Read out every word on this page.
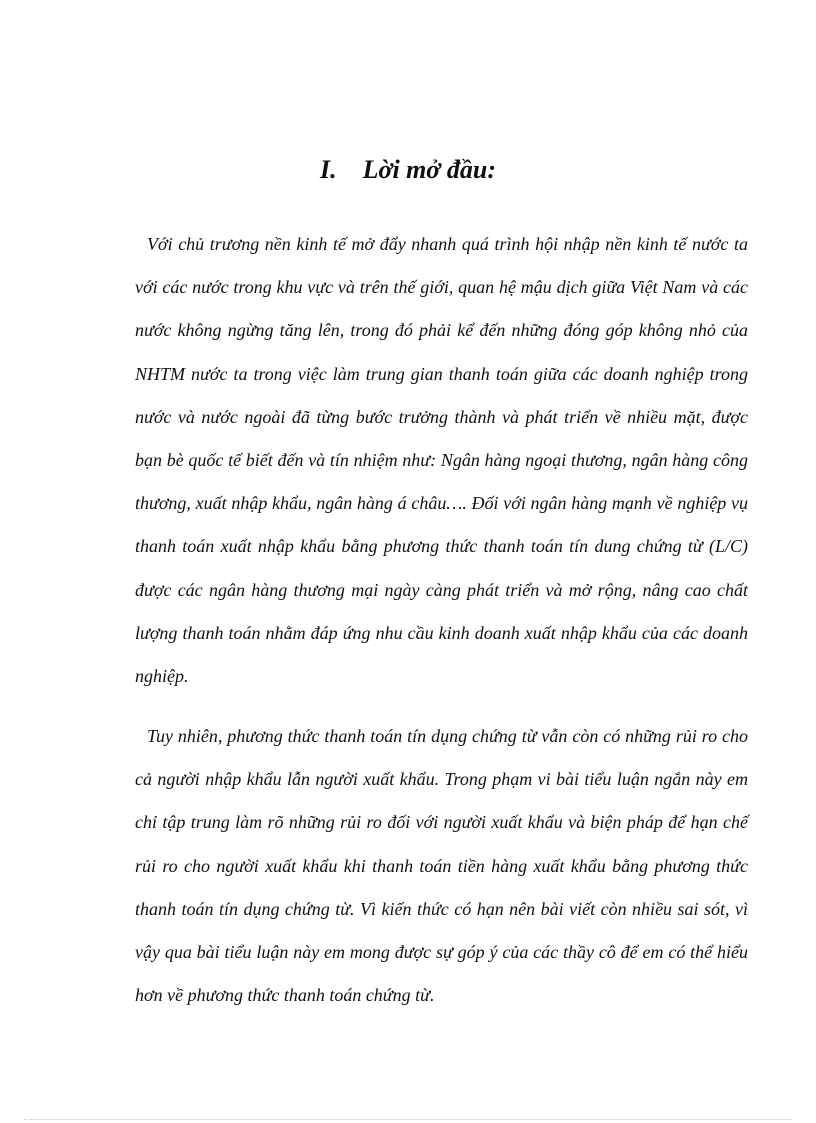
I. Lời mở đầu:

Với chủ trương nền kinh tế mở đẩy nhanh quá trình hội nhập nền kinh tế nước ta với các nước trong khu vực và trên thế giới, quan hệ mậu dịch giữa Việt Nam và các nước không ngừng tăng lên, trong đó phải kể đến những đóng góp không nhỏ của NHTM nước ta trong việc làm trung gian thanh toán giữa các doanh nghiệp trong nước và nước ngoài đã từng bước trưởng thành và phát triển về nhiều mặt, được bạn bè quốc tế biết đến và tín nhiệm như: Ngân hàng ngoại thương, ngân hàng công thương, xuất nhập khẩu, ngân hàng á châu…. Đối với ngân hàng mạnh về nghiệp vụ thanh toán xuất nhập khẩu bằng phương thức thanh toán tín dung chứng từ (L/C) được các ngân hàng thương mại ngày càng phát triển và mở rộng, nâng cao chất lượng thanh toán nhằm đáp ứng nhu cầu kinh doanh xuất nhập khẩu của các doanh nghiệp.

Tuy nhiên, phương thức thanh toán tín dụng chứng từ vẫn còn có những rủi ro cho cả người nhập khẩu lẫn người xuất khẩu. Trong phạm vi bài tiểu luận ngắn này em chỉ tập trung làm rõ những rủi ro đối với người xuất khẩu và biện pháp để hạn chế rủi ro cho người xuất khẩu khi thanh toán tiền hàng xuất khẩu bằng phương thức thanh toán tín dụng chứng từ. Vì kiến thức có hạn nên bài viết còn nhiều sai sót, vì vậy qua bài tiểu luận này em mong được sự góp ý của các thầy cô để em có thể hiểu hơn về phương thức thanh toán chứng từ.
